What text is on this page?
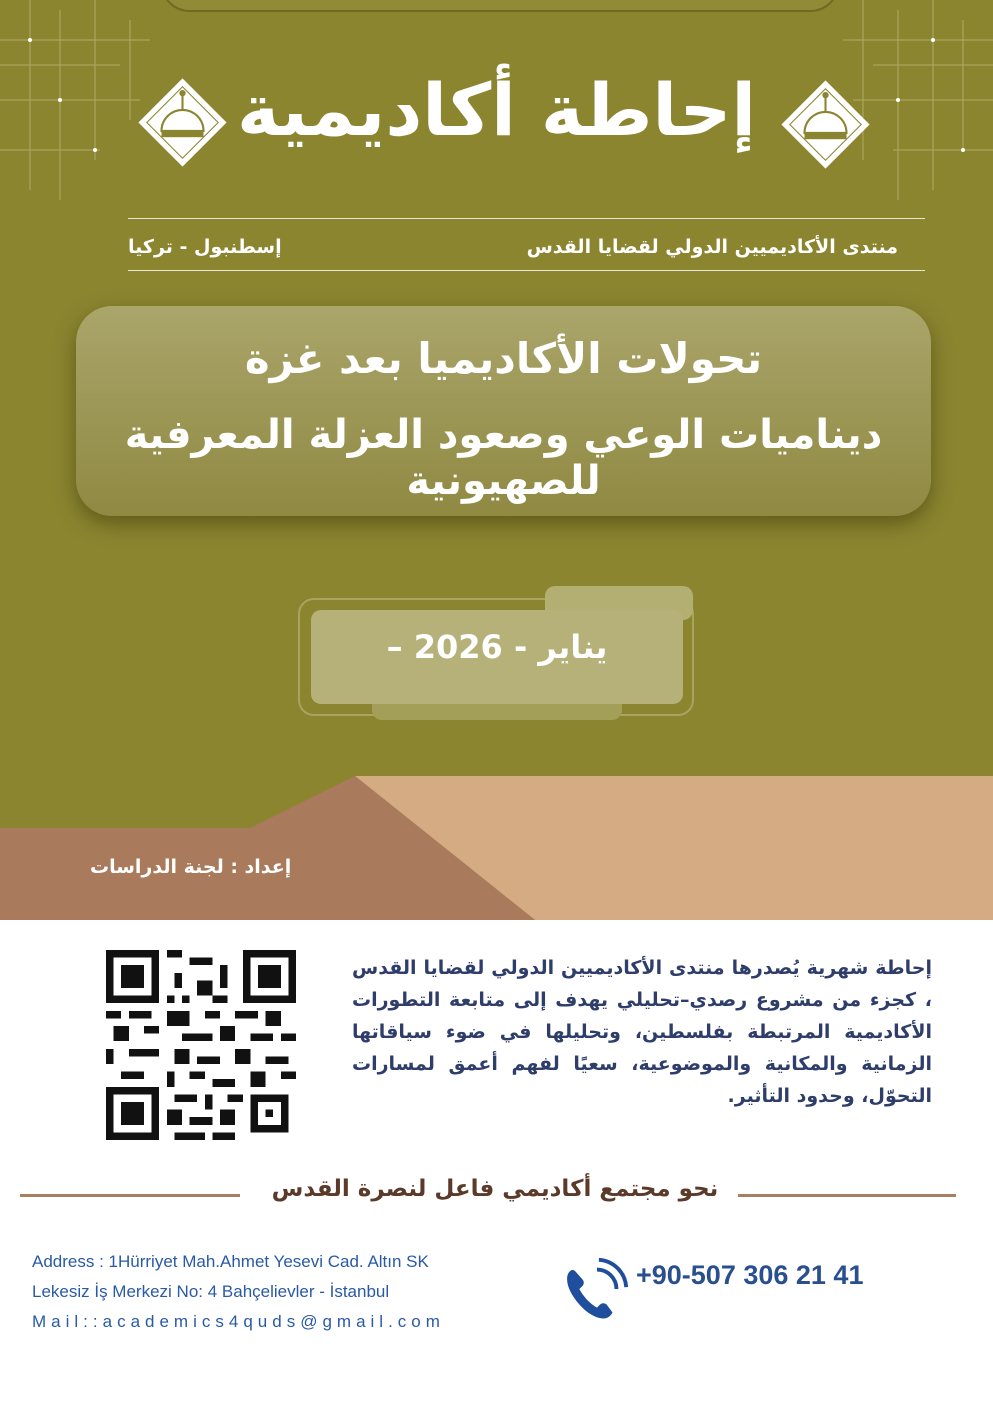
إحاطة أكاديمية
منتدى الأكاديميين الدولي لقضايا القدس
إسطنبول - تركيا
تحولات الأكاديميا بعد غزة
ديناميات الوعي وصعود العزلة المعرفية للصهيونية
يناير - 2026 –
إعداد : لجنة الدراسات
إحاطة شهرية يُصدرها منتدى الأكاديميين الدولي لقضايا القدس ، كجزء من مشروع رصدي–تحليلي يهدف إلى متابعة التطورات الأكاديمية المرتبطة بفلسطين، وتحليلها في ضوء سياقاتها الزمانية والمكانية والموضوعية، سعيًا لفهم أعمق لمسارات التحوّل، وحدود التأثير.
نحو مجتمع أكاديمي فاعل لنصرة القدس
Address : 1Hürriyet Mah.Ahmet Yesevi Cad. Altın SK
Lekesiz İş Merkezi No: 4 Bahçelievler - İstanbul
Mail::academics4quds@gmail.com
+90-507 306 21 41
